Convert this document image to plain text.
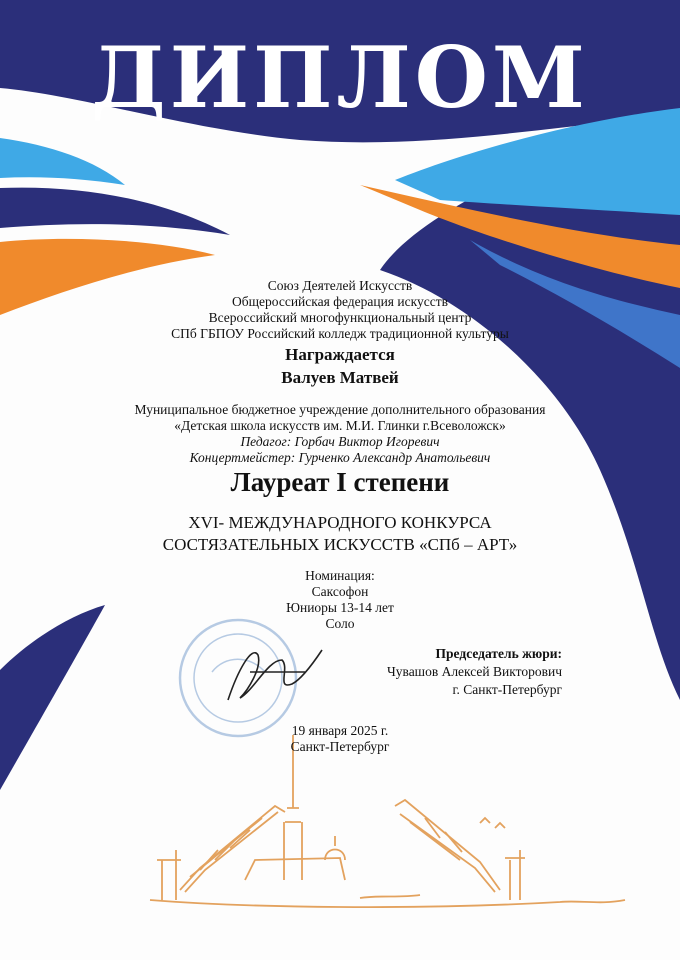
ДИПЛОМ
Союз Деятелей Искусств
Общероссийская федерация искусств
Всероссийский многофункциональный центр
СПб ГБПОУ Российский колледж традиционной культуры
Награждается
Валуев Матвей
Муниципальное бюджетное учреждение дополнительного образования
«Детская школа искусств им. М.И. Глинки г.Всеволожск»
Педагог: Горбач Виктор Игоревич
Концертмейстер: Гурченко Александр Анатольевич
Лауреат I степени
XVI- МЕЖДУНАРОДНОГО КОНКУРСА
СОСТЯЗАТЕЛЬНЫХ ИСКУССТВ «СПб – АРТ»
Номинация:
Саксофон
Юниоры 13-14 лет
Соло
Председатель жюри:
Чувашов Алексей Викторович
г. Санкт-Петербург
19 января 2025 г.
Санкт-Петербург
